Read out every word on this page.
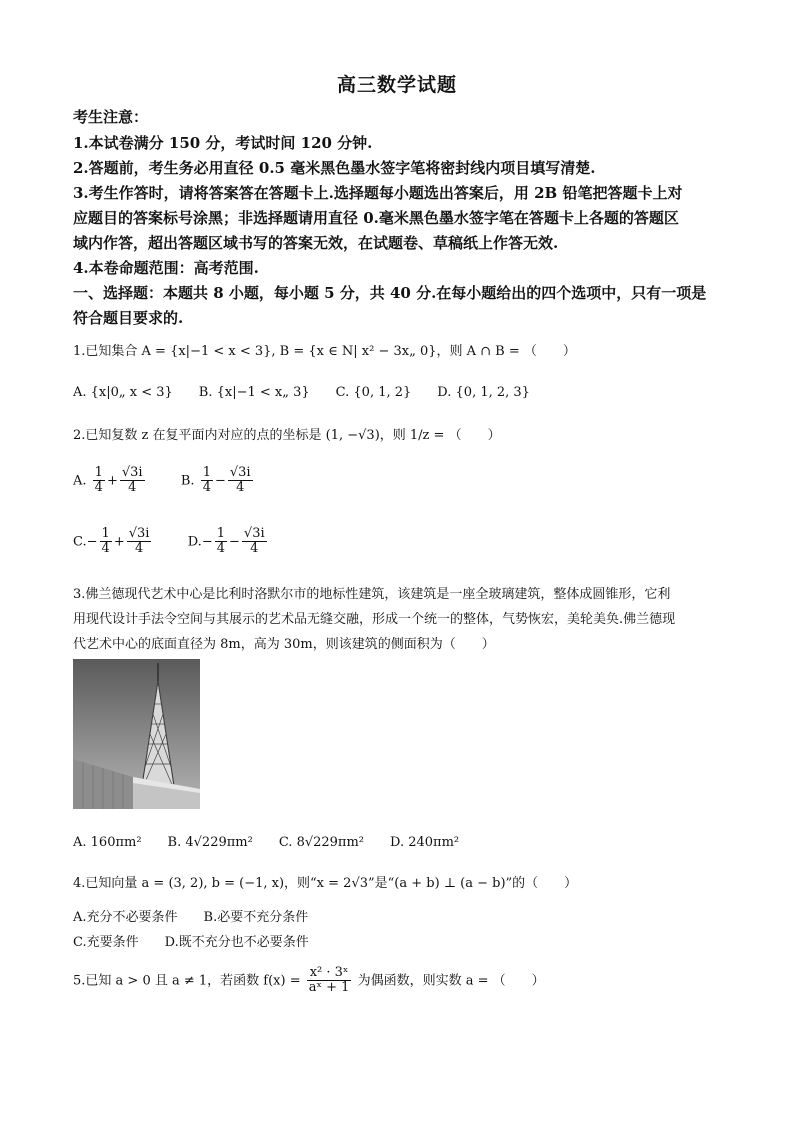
高三数学试题
考生注意：
1.本试卷满分 150 分，考试时间 120 分钟.
2.答题前，考生务必用直径 0.5 毫米黑色墨水签字笔将密封线内项目填写清楚.
3.考生作答时，请将答案答在答题卡上.选择题每小题选出答案后，用 2B 铅笔把答题卡上对
应题目的答案标号涂黑；非选择题请用直径 0.毫米黑色墨水签字笔在答题卡上各题的答题区
域内作答，超出答题区域书写的答案无效，在试题卷、草稿纸上作答无效.
4.本卷命题范围：高考范围.
一、选择题：本题共 8 小题，每小题 5 分，共 40 分.在每小题给出的四个选项中，只有一项是
符合题目要求的.
1.已知集合 A = {x|−1 < x < 3}, B = {x ∈ N| x² − 3x„ 0}，则 A ∩ B = （　　）
A. {x|0„ x < 3}　　B. {x|−1 < x„ 3}　　C. {0, 1, 2}　　D. {0, 1, 2, 3}
2.已知复数 z 在复平面内对应的点的坐标是 (1, −√3)，则 1/z = （　　）
A. $\frac{1}{4} + \frac{√3i}{4}$	B. $\frac{1}{4} - \frac{√3i}{4}$
$C.- \frac{1}{4} + \frac{√3i}{4}$	$D.- \frac{1}{4} - \frac{√3i}{4}$
3.佛兰德现代艺术中心是比利时洛默尔市的地标性建筑，该建筑是一座全玻璃建筑，整体成圆锥形，它利
用现代设计手法令空间与其展示的艺术品无缝交融，形成一个统一的整体，气势恢宏，美轮美奂.佛兰德现
代艺术中心的底面直径为 8m，高为 30m，则该建筑的侧面积为（　　）
A. 160πm²　　B. 4√229πm²　　C. 8√229πm²　　D. 240πm²
4.已知向量 a = (3, 2), b = (−1, x)，则“x = 2√3”是“(a + b) ⊥ (a − b)”的（　　）
A.充分不必要条件　　B.必要不充分条件
C.充要条件　　D.既不充分也不必要条件
5.已知 a > 0 且 a ≠ 1，若函数 $f(x) = \frac{\text{x² · 3ˣ}}{\text{aˣ + 1}}$ 为偶函数，则实数 a = （　　）
